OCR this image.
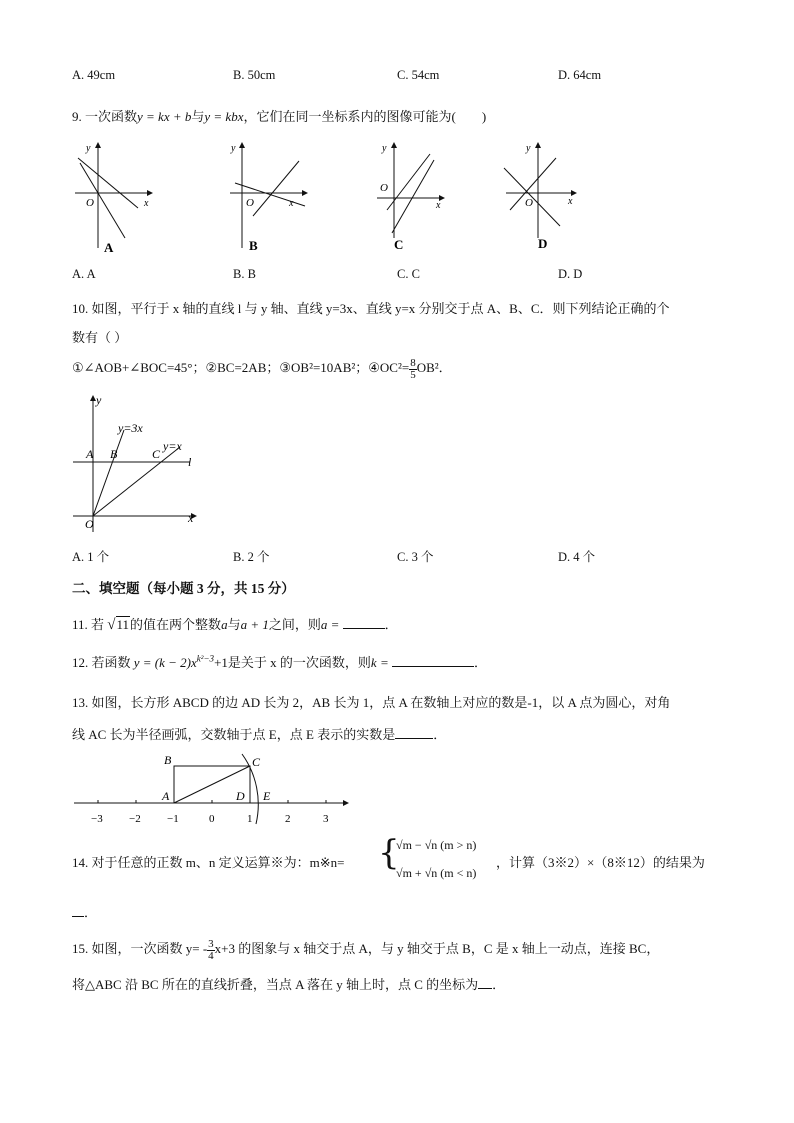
A. 49cm	B. 50cm	C. 54cm	D. 64cm
9. 一次函数y = kx + b与y = kbx，它们在同一坐标系内的图像可能为(　　)
y
x
O
A
y
x
O
B
y
x
O
C
y
x
O
D
A. A	B. B	C. C	D. D
10. 如图，平行于 x 轴的直线 l 与 y 轴、直线 y=3x、直线 y=x 分别交于点 A、B、C．则下列结论正确的个
数有（ ）
①∠AOB+∠BOC=45°；②BC=2AB；③OB²=10AB²；④OC²= $\frac{8}{5} OB^2$．
y
x
y=3x
y=x
A B	C
O
l
A. 1 个	B. 2 个	C. 3 个	D. 4 个
二、填空题（每小题 3 分，共 15 分）
11. 若 √11的值在两个整数a与a + 1之间，则a =	．
12. 若函数 $y = (k - 2)x^{k^2-3}+1$是关于 x 的一次函数，则k =	．
13. 如图，长方形 ABCD 的边 AD 长为 2，AB 长为 1，点 A 在数轴上对应的数是-1，以 A 点为圆心，对角
线 AC 长为半径画弧，交数轴于点 E，点 E 表示的实数是	．
B	C
A	D E
−3 −2 −1	0	1	2	3
14. 对于任意的正数 m、n 定义运算※为：m※n= {
√m − √n (m > n)
√m + √n (m < n)
，计算（3※2）×（8※12）的结果为
．
15. 如图，一次函数 $y= - \frac{3}{4} x+3$ 的图象与 x 轴交于点 A，与 y 轴交于点 B，C 是 x 轴上一动点，连接 BC，
将△ABC 沿 BC 所在的直线折叠，当点 A 落在 y 轴上时，点 C 的坐标为 ．
